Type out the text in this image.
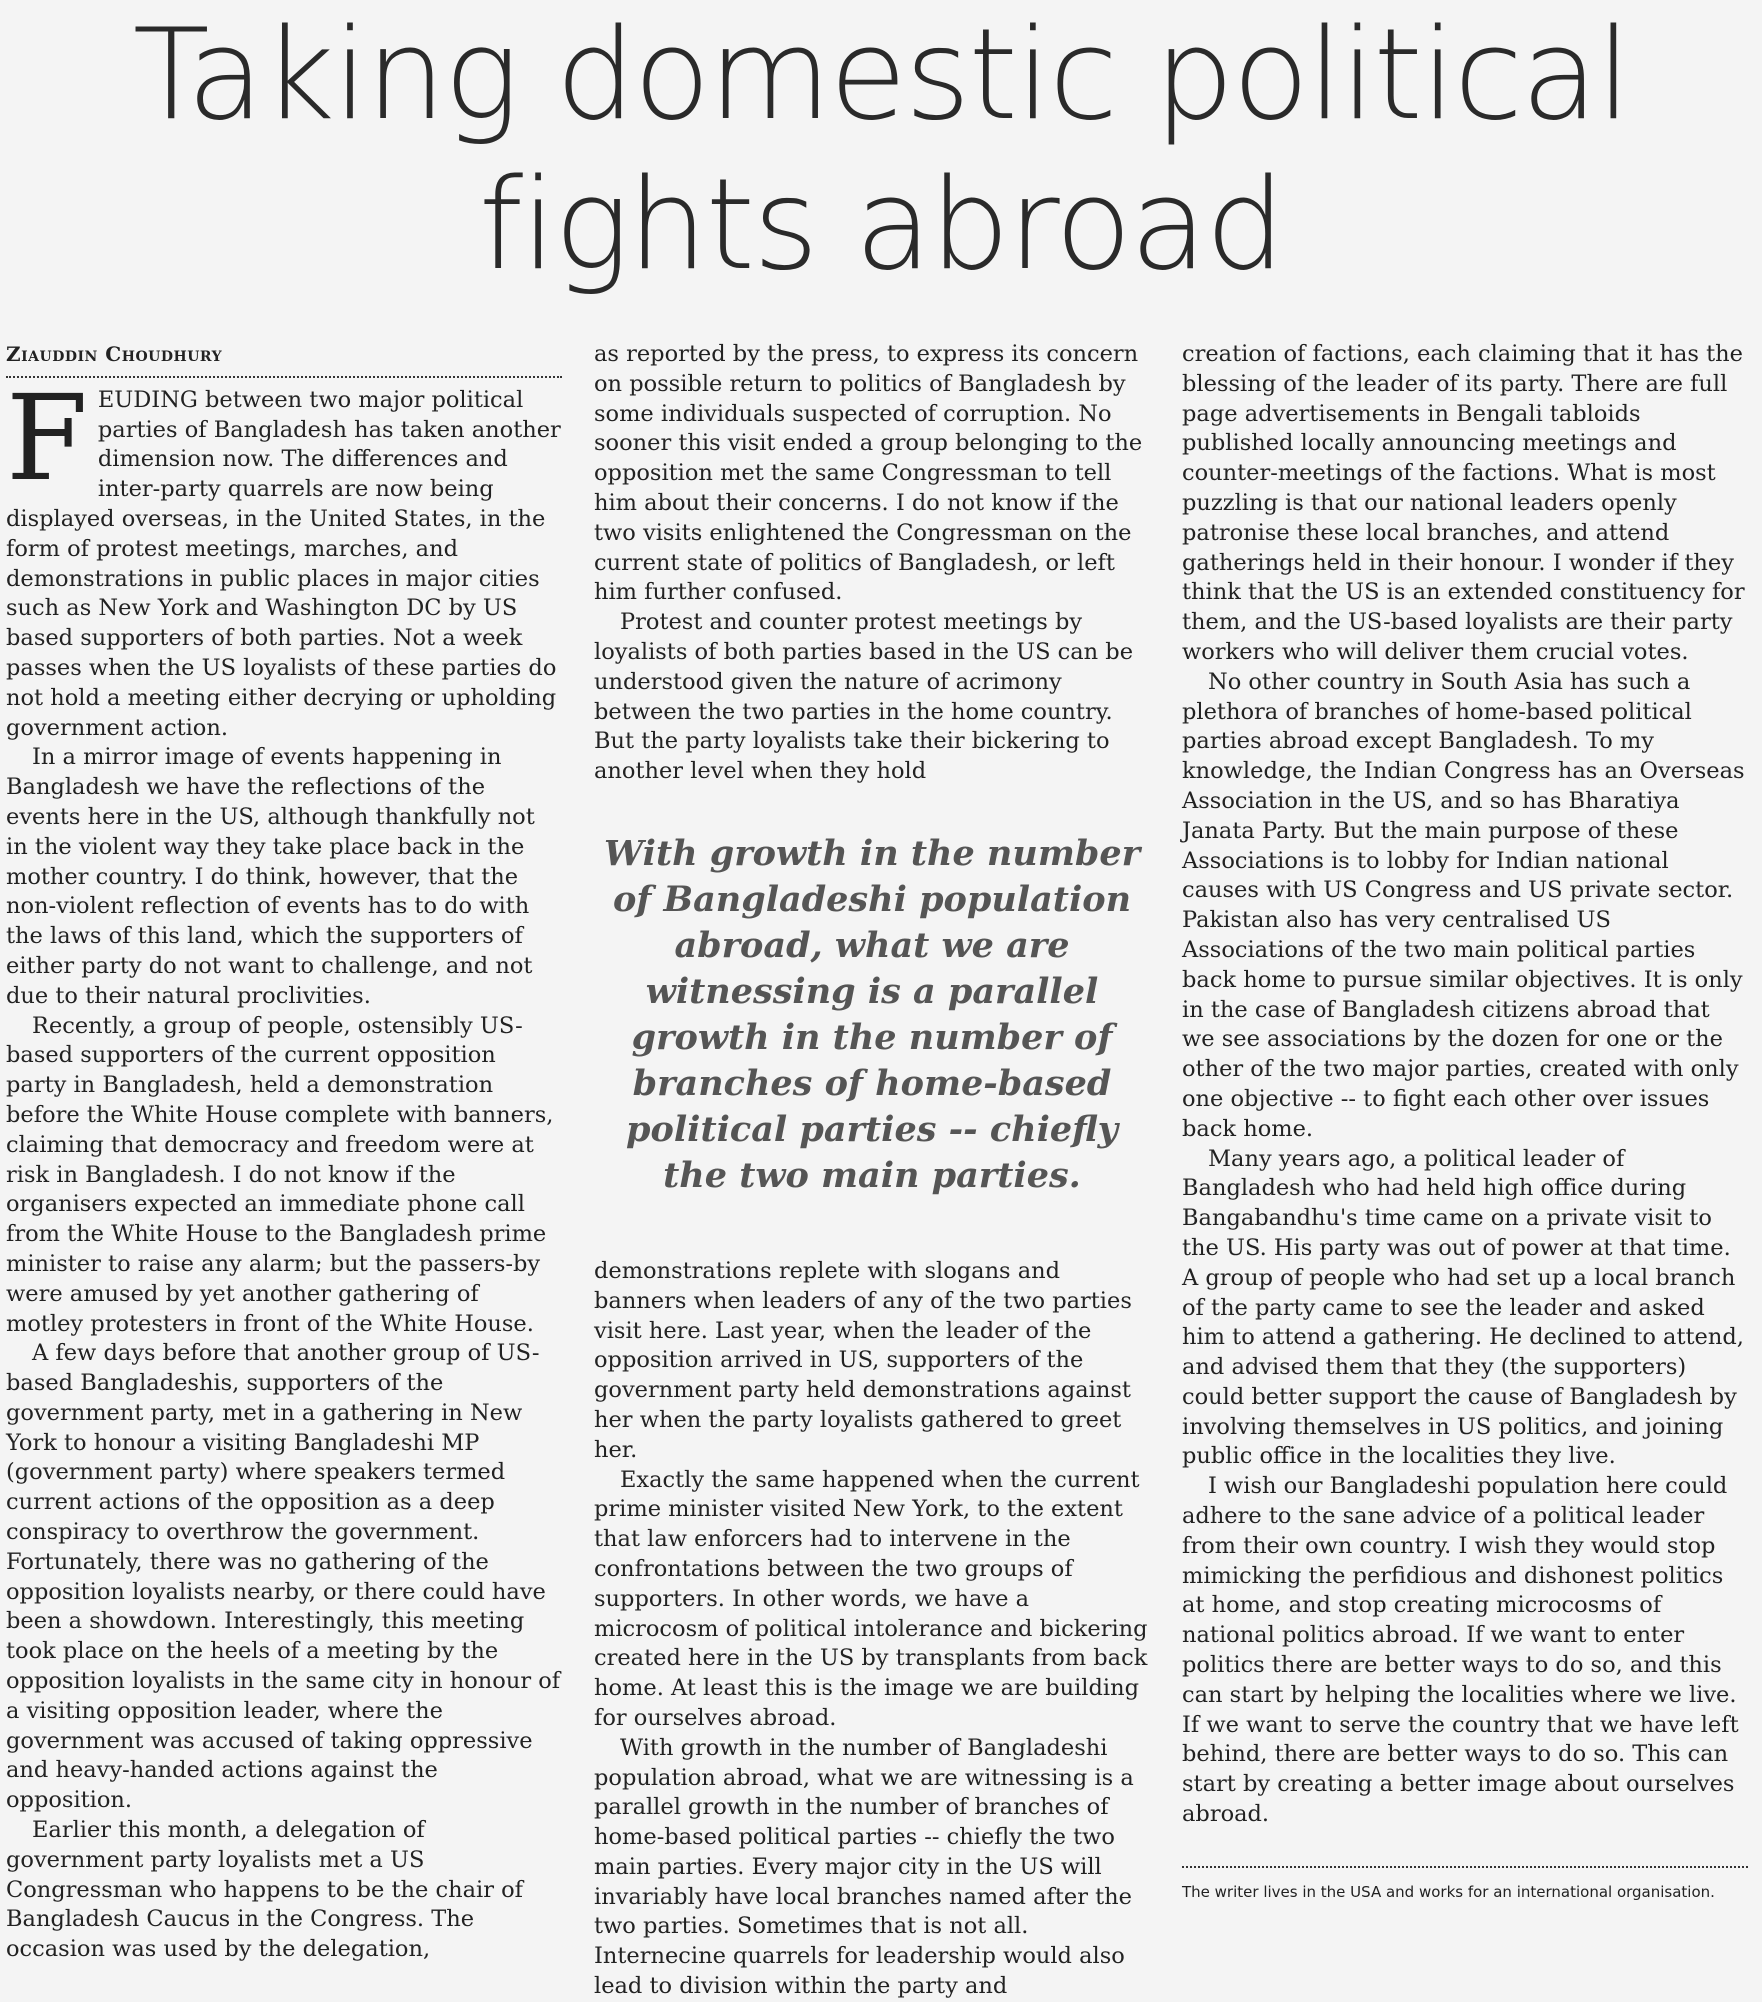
Taking domestic political
fights abroad
Ziauddin Choudhury

FEUDING between two major political parties of Bangladesh has taken another dimension now. The differences and inter-party quarrels are now being displayed overseas, in the United States, in the form of protest meetings, marches, and demonstrations in public places in major cities such as New York and Washington DC by US based supporters of both parties. Not a week passes when the US loyalists of these parties do not hold a meeting either decrying or upholding government action.

In a mirror image of events happening in Bangladesh we have the reflections of the events here in the US, although thankfully not in the violent way they take place back in the mother country. I do think, however, that the non-violent reflection of events has to do with the laws of this land, which the supporters of either party do not want to challenge, and not due to their natural proclivities.

Recently, a group of people, ostensibly US-based supporters of the current opposition party in Bangladesh, held a demonstration before the White House complete with banners, claiming that democracy and freedom were at risk in Bangladesh. I do not know if the organisers expected an immediate phone call from the White House to the Bangladesh prime minister to raise any alarm; but the passers-by were amused by yet another gathering of motley protesters in front of the White House.

A few days before that another group of US-based Bangladeshis, supporters of the government party, met in a gathering in New York to honour a visiting Bangladeshi MP (government party) where speakers termed current actions of the opposition as a deep conspiracy to overthrow the government. Fortunately, there was no gathering of the opposition loyalists nearby, or there could have been a showdown. Interestingly, this meeting took place on the heels of a meeting by the opposition loyalists in the same city in honour of a visiting opposition leader, where the government was accused of taking oppressive and heavy-handed actions against the opposition.

Earlier this month, a delegation of government party loyalists met a US Congressman who happens to be the chair of Bangladesh Caucus in the Congress. The occasion was used by the delegation,

as reported by the press, to express its concern on possible return to politics of Bangladesh by some individuals suspected of corruption. No sooner this visit ended a group belonging to the opposition met the same Congressman to tell him about their concerns. I do not know if the two visits enlightened the Congressman on the current state of politics of Bangladesh, or left him further confused.

Protest and counter protest meetings by loyalists of both parties based in the US can be understood given the nature of acrimony between the two parties in the home country. But the party loyalists take their bickering to another level when they hold

With growth in the number of Bangladeshi population abroad, what we are witnessing is a parallel growth in the number of branches of home-based political parties -- chiefly the two main parties.

demonstrations replete with slogans and banners when leaders of any of the two parties visit here. Last year, when the leader of the opposition arrived in US, supporters of the government party held demonstrations against her when the party loyalists gathered to greet her.

Exactly the same happened when the current prime minister visited New York, to the extent that law enforcers had to intervene in the confrontations between the two groups of supporters. In other words, we have a microcosm of political intolerance and bickering created here in the US by transplants from back home. At least this is the image we are building for ourselves abroad.

With growth in the number of Bangladeshi population abroad, what we are witnessing is a parallel growth in the number of branches of home-based political parties -- chiefly the two main parties. Every major city in the US will invariably have local branches named after the two parties. Sometimes that is not all. Internecine quarrels for leadership would also lead to division within the party and

creation of factions, each claiming that it has the blessing of the leader of its party. There are full page advertisements in Bengali tabloids published locally announcing meetings and counter-meetings of the factions. What is most puzzling is that our national leaders openly patronise these local branches, and attend gatherings held in their honour. I wonder if they think that the US is an extended constituency for them, and the US-based loyalists are their party workers who will deliver them crucial votes.

No other country in South Asia has such a plethora of branches of home-based political parties abroad except Bangladesh. To my knowledge, the Indian Congress has an Overseas Association in the US, and so has Bharatiya Janata Party. But the main purpose of these Associations is to lobby for Indian national causes with US Congress and US private sector. Pakistan also has very centralised US Associations of the two main political parties back home to pursue similar objectives. It is only in the case of Bangladesh citizens abroad that we see associations by the dozen for one or the other of the two major parties, created with only one objective -- to fight each other over issues back home.

Many years ago, a political leader of Bangladesh who had held high office during Bangabandhu's time came on a private visit to the US. His party was out of power at that time. A group of people who had set up a local branch of the party came to see the leader and asked him to attend a gathering. He declined to attend, and advised them that they (the supporters) could better support the cause of Bangladesh by involving themselves in US politics, and joining public office in the localities they live.

I wish our Bangladeshi population here could adhere to the sane advice of a political leader from their own country. I wish they would stop mimicking the perfidious and dishonest politics at home, and stop creating microcosms of national politics abroad. If we want to enter politics there are better ways to do so, and this can start by helping the localities where we live. If we want to serve the country that we have left behind, there are better ways to do so. This can start by creating a better image about ourselves abroad.

The writer lives in the USA and works for an international organisation.
